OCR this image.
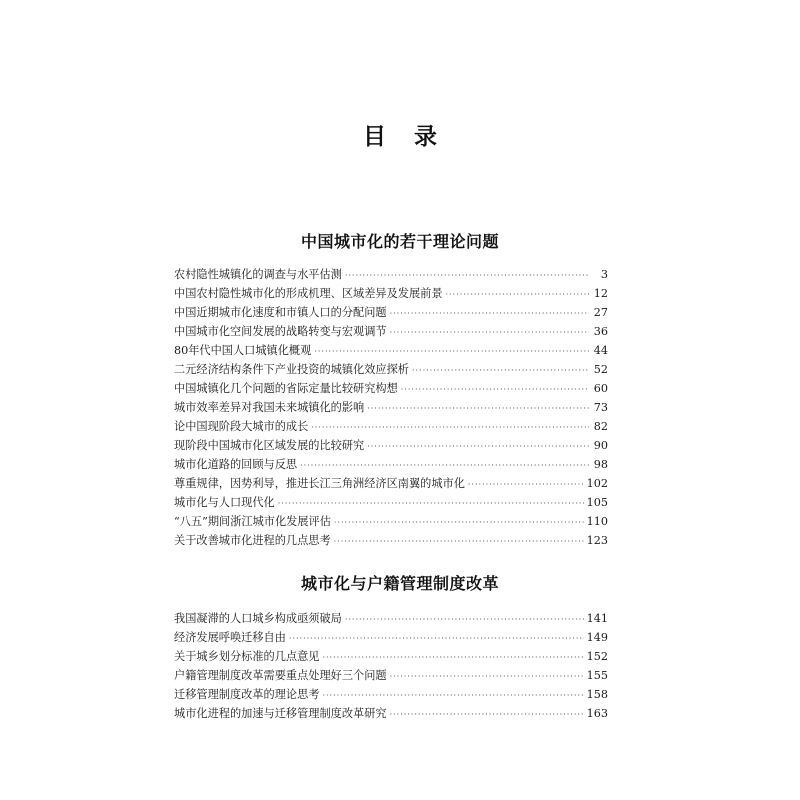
目 录
中国城市化的若干理论问题
农村隐性城镇化的调查与水平估测 ·····	3
中国农村隐性城市化的形成机理、区域差异及发展前景 ·····	12
中国近期城市化速度和市镇人口的分配问题 ·····	27
中国城市化空间发展的战略转变与宏观调节 ·····	36
80年代中国人口城镇化概观 ·····	44
二元经济结构条件下产业投资的城镇化效应探析 ·····	52
中国城镇化几个问题的省际定量比较研究构想 ·····	60
城市效率差异对我国未来城镇化的影响 ·····	73
论中国现阶段大城市的成长 ·····	82
现阶段中国城市化区域发展的比较研究 ·····	90
城市化道路的回顾与反思 ·····	98
尊重规律，因势利导，推进长江三角洲经济区南翼的城市化 ·····	102
城市化与人口现代化 ·····	105
“八五”期间浙江城市化发展评估 ·····	110
关于改善城市化进程的几点思考 ·····	123
城市化与户籍管理制度改革
我国凝滞的人口城乡构成亟须破局 ·····	141
经济发展呼唤迁移自由 ·····	149
关于城乡划分标准的几点意见 ·····	152
户籍管理制度改革需要重点处理好三个问题 ·····	155
迁移管理制度改革的理论思考 ·····	158
城市化进程的加速与迁移管理制度改革研究 ·····	163
